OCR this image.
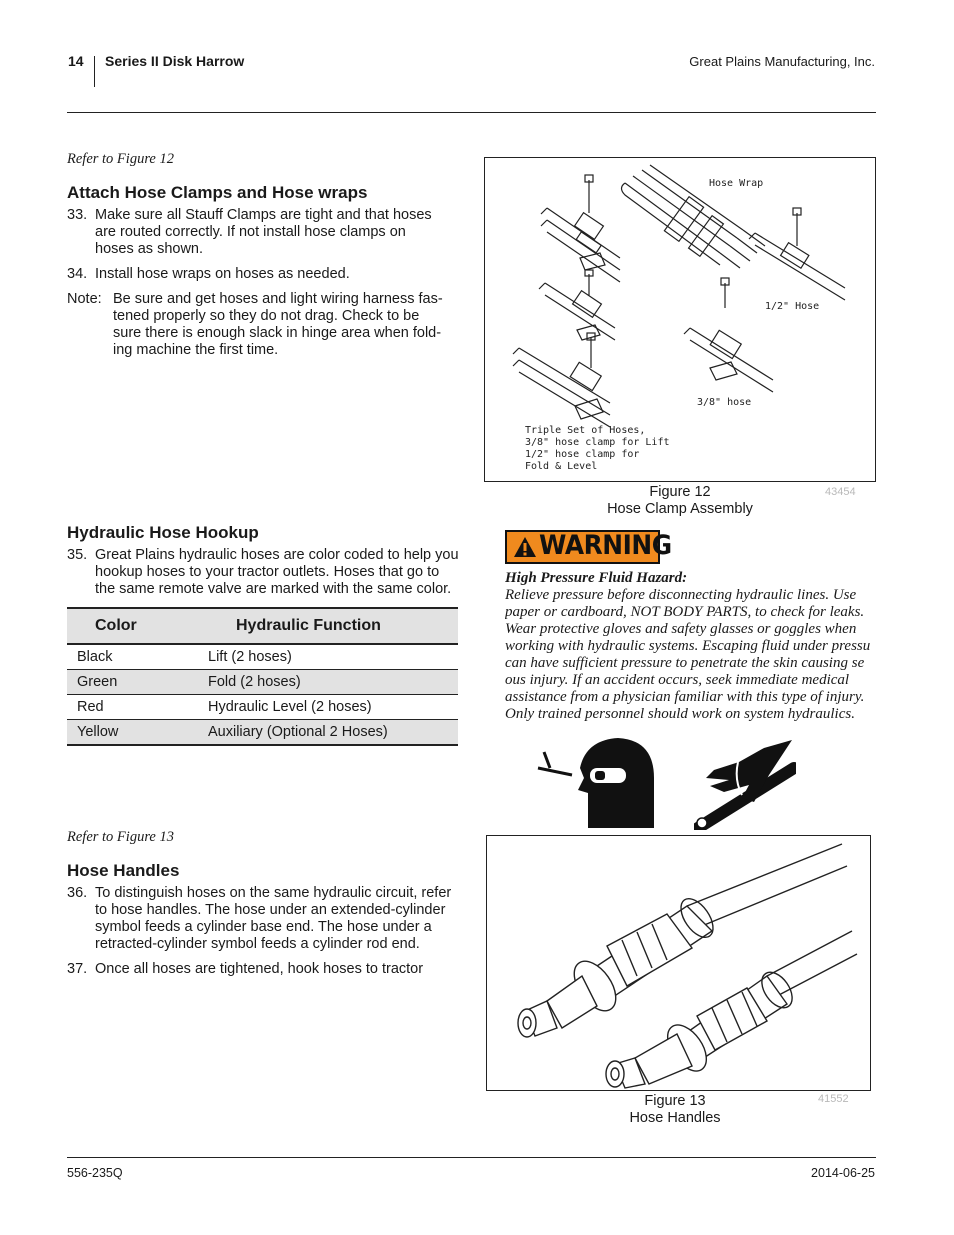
14 Series II Disk Harrow	Great Plains Manufacturing, Inc.
Refer to Figure 12
Attach Hose Clamps and Hose wraps
33. Make sure all Stauff Clamps are tight and that hoses
are routed correctly. If not install hose clamps on
hoses as shown.
34. Install hose wraps on hoses as needed.
Note: Be sure and get hoses and light wiring harness fas-
tened properly so they do not drag. Check to be
sure there is enough slack in hinge area when fold-
ing machine the first time.
Hose Wrap
1/2" Hose
3/8" hose
Triple Set of Hoses,
3/8" hose clamp for Lift
1/2" hose clamp for
Fold & Level
Figure 12
Hose Clamp Assembly
43454
Hydraulic Hose Hookup
35. Great Plains hydraulic hoses are color coded to help you
hookup hoses to your tractor outlets. Hoses that go to
the same remote valve are marked with the same color.
Color	Hydraulic Function
Black	Lift (2 hoses)
Green	Fold (2 hoses)
Red	Hydraulic Level (2 hoses)
Yellow	Auxiliary (Optional 2 Hoses)
WARNING
High Pressure Fluid Hazard:
Relieve pressure before disconnecting hydraulic lines. Use
paper or cardboard, NOT BODY PARTS, to check for leaks.
Wear protective gloves and safety glasses or goggles when
working with hydraulic systems. Escaping fluid under pressu
can have sufficient pressure to penetrate the skin causing se
ous injury. If an accident occurs, seek immediate medical
assistance from a physician familiar with this type of injury.
Only trained personnel should work on system hydraulics.
Refer to Figure 13
Hose Handles
36. To distinguish hoses on the same hydraulic circuit, refer
to hose handles. The hose under an extended-cylinder
symbol feeds a cylinder base end. The hose under a
retracted-cylinder symbol feeds a cylinder rod end.
37. Once all hoses are tightened, hook hoses to tractor
Figure 13
Hose Handles
41552
556-235Q	2014-06-25
